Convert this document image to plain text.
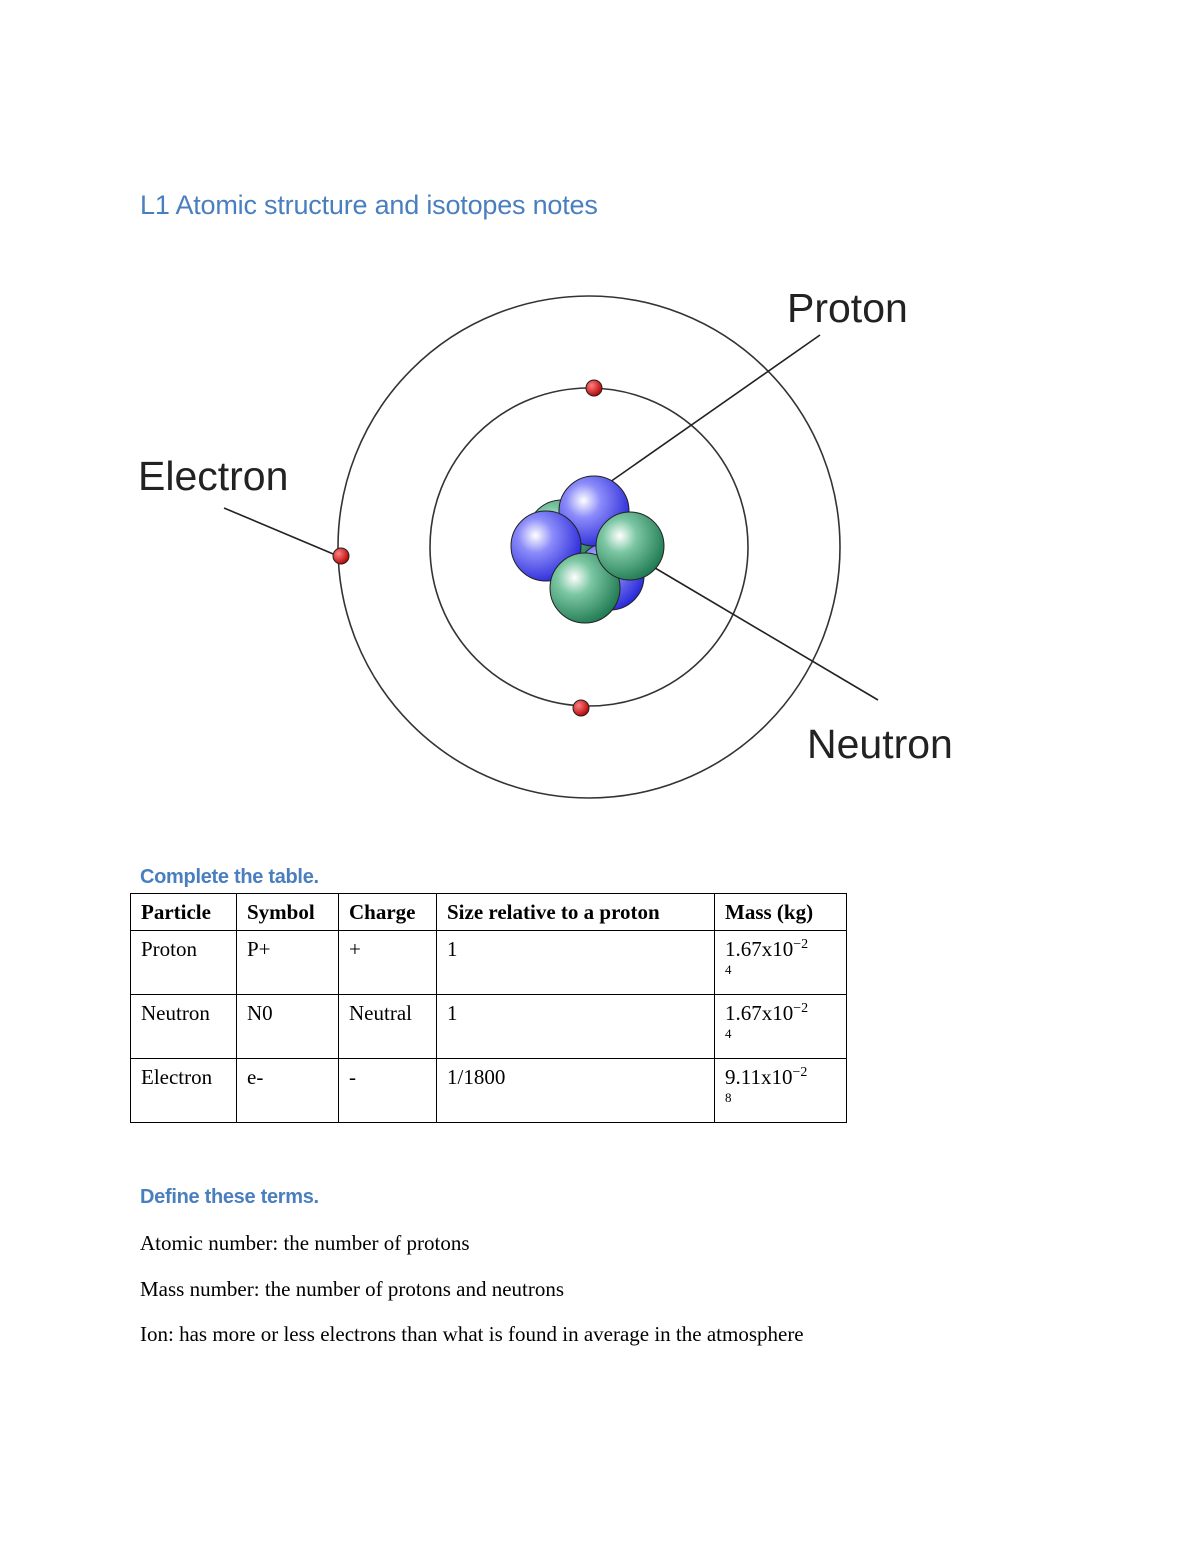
L1 Atomic structure and isotopes notes
Proton
Electron
Neutron
Complete the table.
Particle	Symbol	Charge	Size relative to a proton	Mass (kg)
Proton	P+	+	1	$1.67x10^{-2}$
4

Neutron	N0	Neutral	1	$1.67x10^{-2}$
4

Electron	e-	-	1/1800	$9.11x10^{-2}$
8
Define these terms.

Atomic number: the number of protons

Mass number: the number of protons and neutrons

Ion: has more or less electrons than what is found in average in the atmosphere
